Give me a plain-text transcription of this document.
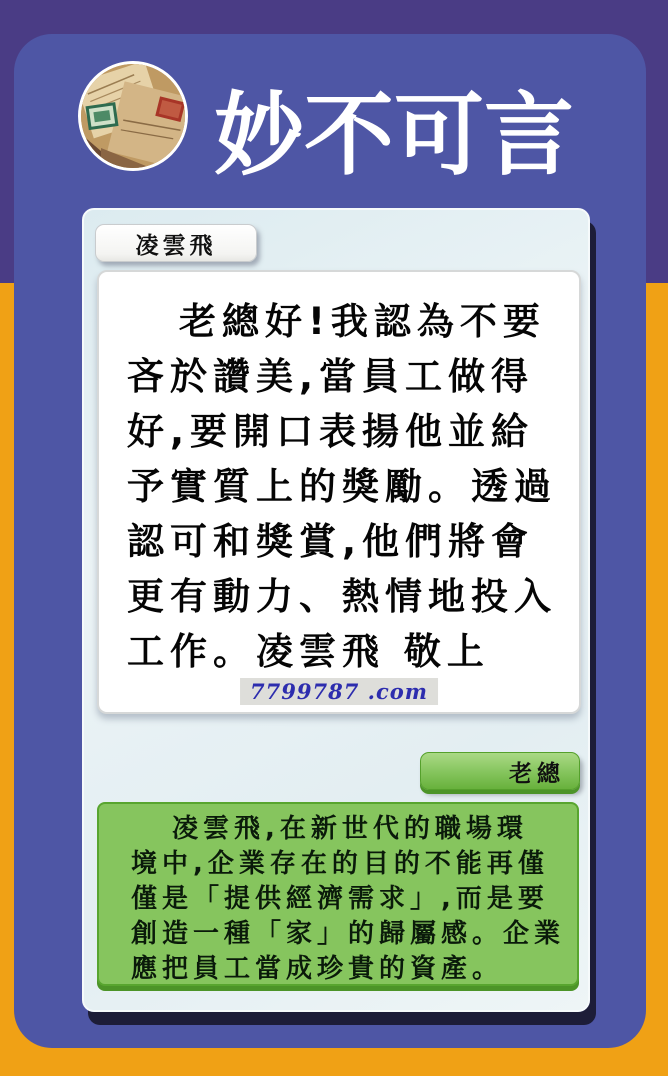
妙不可言
凌雲飛
老總好!我認為不要
吝於讚美,當員工做得
好,要開口表揚他並給
予實質上的獎勵。透過
認可和獎賞,他們將會
更有動力、熱情地投入
工作。凌雲飛 敬上
7799787 .com
老總
凌雲飛,在新世代的職場環
境中,企業存在的目的不能再僅
僅是「提供經濟需求」,而是要
創造一種「家」的歸屬感。企業
應把員工當成珍貴的資產。
